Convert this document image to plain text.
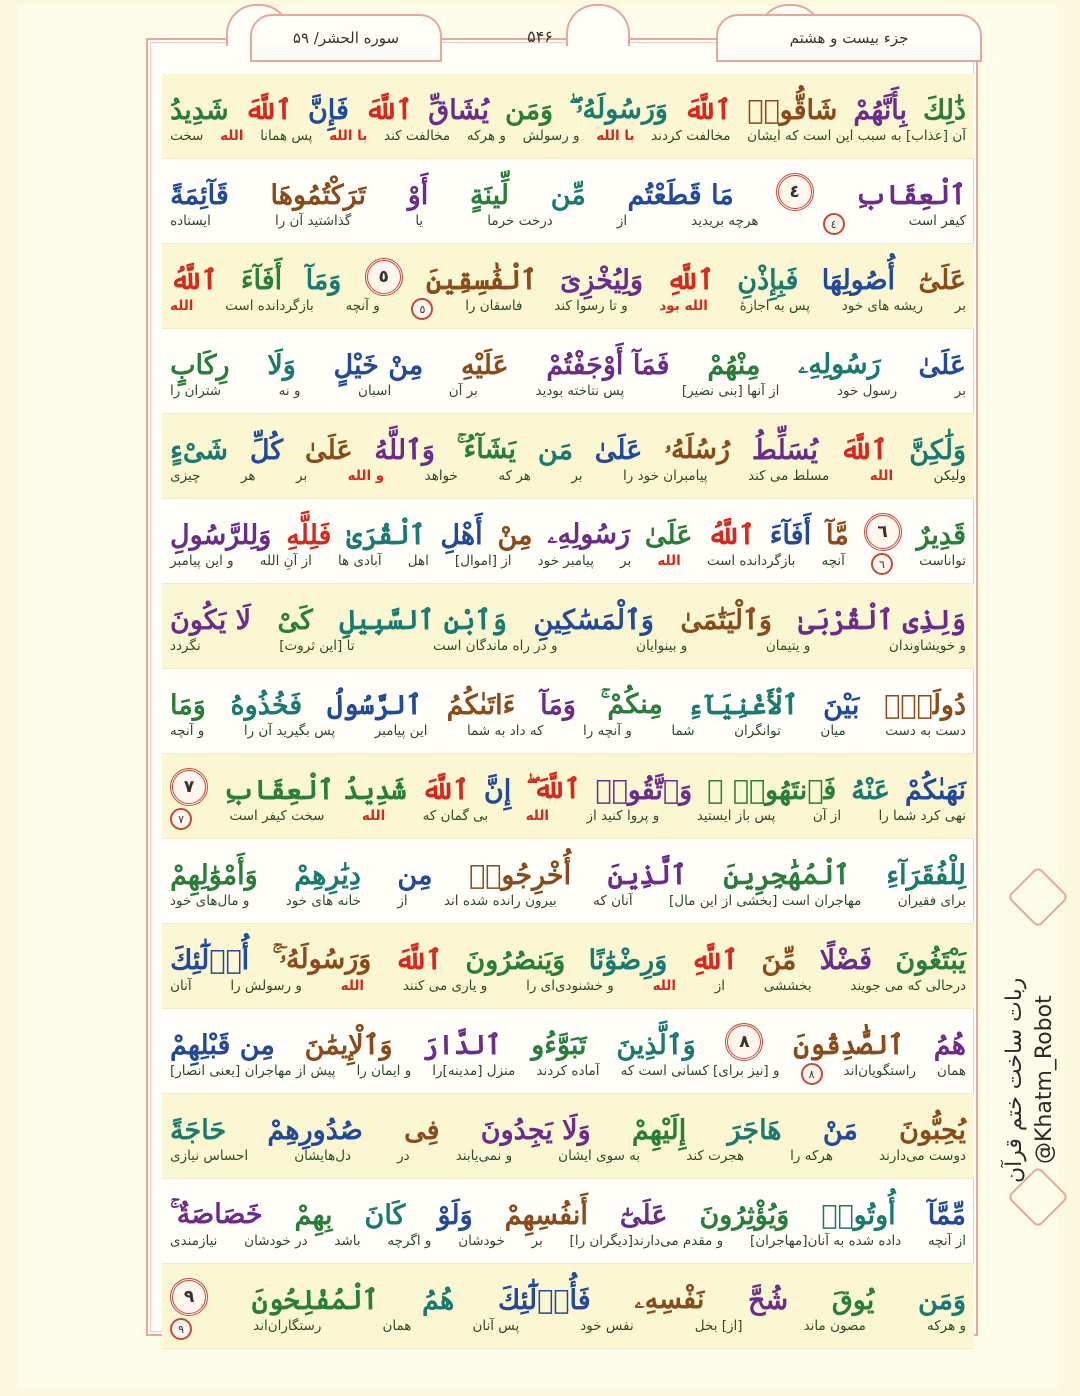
جزء بیست و هشتم
۵۴۶
سوره الحشر/ ۵۹
ذَٰلِكَ
بِأَنَّهُمْ
شَاقُّوا۟
ٱللَّهَ
وَرَسُولَهُۥ ۖ
وَمَن
يُشَاقِّ
ٱللَّهَ
فَإِنَّ
ٱللَّهَ
شَدِيدُ
آن [عذاب] به سبب این است که ایشان
مخالفت کردند
با الله
و رسولش
و هرکه
مخالفت کند
با الله
پس همانا
الله
سخت
ٱلْعِقَابِ
٤
مَا قَطَعْتُم
مِّن
لِّينَةٍ
أَوْ
تَرَكْتُمُوهَا
قَآئِمَةً
کیفر است
٤
هرچه بریدید
از
درخت خرما
یا
گذاشتید آن را
ایستاده
عَلَىٰٓ
أُصُولِهَا
فَبِإِذْنِ
ٱللَّهِ
وَلِيُخْزِىَ
ٱلْفَٰسِقِينَ
٥
وَمَآ
أَفَآءَ
ٱللَّهُ
بر
ریشه های خود
پس به اجازهٔ
الله بود
و تا رسوا کند
فاسقان را
٥
و آنچه
بازگردانده است
الله
عَلَىٰ
رَسُولِهِۦ
مِنْهُمْ
فَمَآ أَوْجَفْتُمْ
عَلَيْهِ
مِنْ خَيْلٍ
وَلَا
رِكَابٍ
بر
رسول خود
از آنها [بنی نضیر]
پس نتاخته بودید
بر آن
اسبان
و نه
شتران را
وَلَٰكِنَّ
ٱللَّهَ
يُسَلِّطُ
رُسُلَهُۥ
عَلَىٰ
مَن
يَشَآءُ ۚ
وَٱللَّهُ
عَلَىٰ
كُلِّ
شَىْءٍ
ولیکن
الله
مسلط می کند
پیامبران خود را
بر
هر که
خواهد
و الله
بر
هر
چیزی
قَدِيرٌ
٦
مَّآ
أَفَآءَ
ٱللَّهُ
عَلَىٰ
رَسُولِهِۦ
مِنْ
أَهْلِ
ٱلْقُرَىٰ
فَلِلَّهِ
وَلِلرَّسُولِ
تواناست
٦
آنچه
بازگردانده است
الله
بر
پیامبر خود
از [اموال]
اهل
آبادی ها
از آنِ الله
و این پیامبر
وَلِذِى ٱلْقُرْبَىٰ
وَٱلْيَتَٰمَىٰ
وَٱلْمَسَٰكِينِ
وَٱبْنِ ٱلسَّبِيلِ
كَىْ
لَا يَكُونَ
و خویشاوندان
و یتیمان
و بینوایان
و در راه ماندگان است
تا [این ثروت]
نگردد
دُولَةًۢ
بَيْنَ
ٱلْأَغْنِيَآءِ
مِنكُمْ ۚ
وَمَآ
ءَاتَىٰكُمُ
ٱلرَّسُولُ
فَخُذُوهُ
وَمَا
دست به دست
میان
توانگران
شما
و آنچه را
که داد به شما
این پیامبر
پس بگیرید آن را
و آنچه
نَهَىٰكُمْ
عَنْهُ
فَٱنتَهُوا۟ ۚ
وَٱتَّقُوا۟
ٱللَّهَ ۖ
إِنَّ
ٱللَّهَ
شَدِيدُ ٱلْعِقَابِ
٧
نهی کرد شما را
از آن
پس باز ایستید
و پروا کنید از
الله
بی گمان که
الله
سخت کیفر است
٧
لِلْفُقَرَآءِ
ٱلْمُهَٰجِرِينَ
ٱلَّذِينَ
أُخْرِجُوا۟
مِن
دِيَٰرِهِمْ
وَأَمْوَٰلِهِمْ
برای فقیران
مهاجران است [بخشی از این مال]
آنان که
بیرون رانده شده اند
از
خانه های خود
و مال‌های خود
يَبْتَغُونَ
فَضْلًا
مِّنَ
ٱللَّهِ
وَرِضْوَٰنًا
وَيَنصُرُونَ
ٱللَّهَ
وَرَسُولَهُۥٓ ۚ
أُو۟لَٰٓئِكَ
درحالی که می جویند
بخششی
از
الله
و خشنودی‌ای را
و یاری می کنند
الله
و رسولش را
آنان
هُمُ
ٱلصَّٰدِقُونَ
٨
وَٱلَّذِينَ
تَبَوَّءُو
ٱلدَّارَ
وَٱلْإِيمَٰنَ
مِن قَبْلِهِمْ
همان
راستگویان‌اند
٨
و [نیز برای] کسانی است که
آماده کردند
منزل [مدینه]را
و ایمان را
پیش از مهاجران [یعنی انصار]
يُحِبُّونَ
مَنْ
هَاجَرَ
إِلَيْهِمْ
وَلَا يَجِدُونَ
فِى
صُدُورِهِمْ
حَاجَةً
دوست می‌دارند
هرکه را
هجرت کند
به سوی ایشان
و نمی‌یابند
در
دل‌هایشان
احساس نیازی
مِّمَّآ
أُوتُوا۟
وَيُؤْثِرُونَ
عَلَىٰٓ
أَنفُسِهِمْ
وَلَوْ
كَانَ
بِهِمْ
خَصَاصَةٌ ۚ
از آنچه
داده شده به آنان[مهاجران]
و مقدم می‌دارند[دیگران را]
بر
خودشان
و اگرچه
باشد
در خودشان
نیازمندی
وَمَن
يُوقَ
شُحَّ
نَفْسِهِۦ
فَأُو۟لَٰٓئِكَ
هُمُ
ٱلْمُفْلِحُونَ
٩
و هرکه
مصون ماند
[از] بخل
نفس خود
پس آنان
همان
رستگاران‌اند
٩
ربات ساخت ختم قرآن @Khatm_Robot
